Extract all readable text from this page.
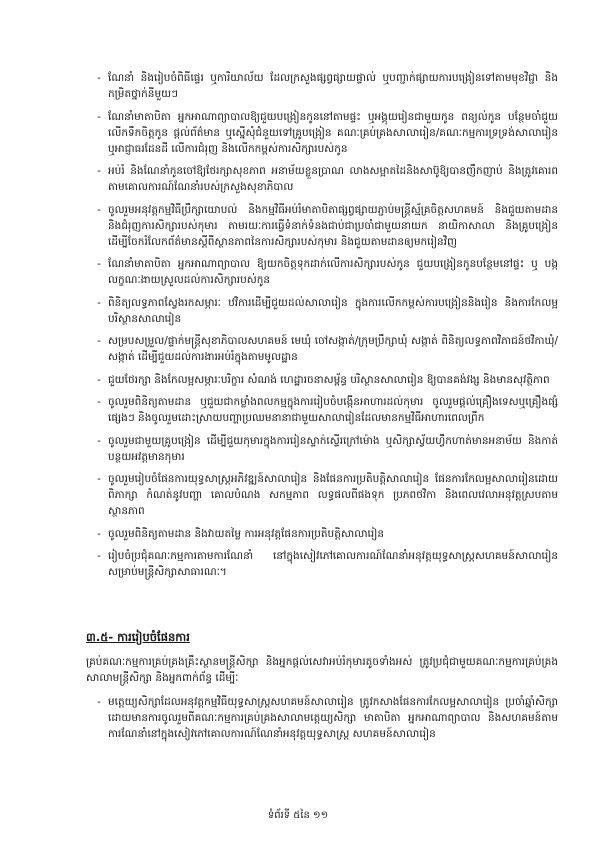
- ណែនាំ និងរៀបចំពិធីផ្ទេរ ឬការិយាល័យ ដែលក្រសួងផ្សព្វផ្សាយផ្ទាល់ ឬបញ្ជាក់ផ្សាយការបង្រៀនទៅតាមមុខវិជ្ជា និងកម្រិតថ្នាក់នីមួយៗ
- ណែនាំមាតាបិតា អ្នកអាណាព្យាបាលឱ្យជួយបង្រៀនកូននៅតាមផ្ទះ ឬអង្គុយរៀនជាមួយកូន ពន្យល់កូន បន្ថែមចាំជួយលើកទឹកចិត្តកូន ផ្ដល់ព័ត៌មាន ឬស្នើសុំជំនួយទៅគ្រូបង្រៀន គណៈគ្រប់គ្រងសាលារៀន/គណៈកម្មការទ្រទ្រង់សាលារៀន ឬអាជ្ញាធរដែនដី លើការជំរុញ និងលើកកម្ពស់ការសិក្សារបស់កូន
- អប់រំ និងណែនាំកូនចៅឱ្យថែរក្សាសុខភាព អនាម័យខ្លួនប្រាណ លាងសម្អាតដៃនិងសាប៊ូឱ្យបានញឹកញាប់ និងត្រូវគោរពតាមគោលការណ៍ណែនាំរបស់ក្រសួងសុខាភិបាល
- ចូលរួមអនុវត្តកម្មវិធីប្រឹក្សាយោបល់ និងកម្មវិធីអប់រំមាតាបិតាផ្សព្វផ្សាយភ្ជាប់មន្ត្រីស្ម័គ្រចិត្តសហគមន៍ និងជួយតាមដាន និងជំរុញការសិក្សារបស់កុមារ តាមរយៈការធ្វើទំនាក់ទំនងជាប់ជាប្រចាំជាមួយនាយក នាយិកាសាលា និងគ្រូបង្រៀន ដើម្បីចែករំលែកព័ត៌មានស្ដីពីស្ថានភាពនៃការសិក្សារបស់កុមារ និងជួយតាមដានឲ្យមករៀនវិញ
- ណែនាំមាតាបិតា អ្នកអាណាព្យាបាល ឱ្យយកចិត្តទុកដាក់លើការសិក្សារបស់កូន ជួយបង្រៀនកូនបន្ថែមនៅផ្ទះ ឬ បង្កលក្ខណៈងាយស្រួលដល់ការសិក្សារបស់កូន
- ពិនិត្យលទ្ធភាពស្វែងរកសម្ភារៈ ឋវិការដើម្បីជួយដល់សាលារៀន ក្នុងការលើកកម្ពស់ការបង្រៀននិងរៀន និងការកែលម្អបរិស្ថានសាលារៀន
- សម្របសម្រួល/ផ្ទាក់មន្ត្រីសុខាភិបាលសហគមន៍ មេឃុំ ចៅសង្កាត់/ក្រុមប្រឹក្សាឃុំ សង្កាត់ ពិនិត្យលទ្ធភាពវិភាជន៍ថវិកាឃុំ/សង្កាត់ ដើម្បីជួយដល់ការងារអប់រំក្នុងតាមមូលដ្ឋាន
- ជួយថែរក្សា និងកែលម្អសម្ភារៈបរិក្ខារ សំណង់ ហេដ្ឋារចនាសម្ព័ន្ធ បរិស្ថានសាលារៀន ឱ្យបានគង់វង្ស និងមានសុវត្ថិភាព
- ចូលរួមពិនិត្យតាមដាន ឬជួយជាកម្លាំងពលកម្មក្នុងការរៀបចំបង្កើនអាហារដល់កុមារ ចូលរួមផ្ដល់គ្រឿងទេសឬគ្រឿងផ្សំផ្សេងៗ និងចូលរួមដោះស្រាយបញ្ហាប្រឈមនានាជាមួយសាលារៀនដែលមានកម្មវិធីអាហារពេលព្រឹក
- ចូលរួមជាមួយគ្រូបង្រៀន ដើម្បីជួយកុមារក្នុងការរៀនស្ទាក់ស្ទើរក្រៅម៉ោង ឬសិក្សាស្វ័យហ្វឹកហាត់មានអនាម័យ និងកាត់បន្ថយអវត្តមានកុមារ
- ចូលរួមរៀបចំផែនការយុទ្ធសាស្ត្រអភិវឌ្ឍន៍សាលារៀន និងផែនការប្រតិបត្តិសាលារៀន ផែនការកែលម្អសាលារៀនដោយពិភាក្សា កំណត់នូវបញ្ហា គោលបំណង សកម្មភាព លទ្ធផលពីផងទុក ប្រភពថវិកា និងពេលវេលាអនុវត្តស្របតាមស្ថានភាព
- ចូលរួមពិនិត្យតាមដាន និងវាយតម្លៃ ការអនុវត្តផែនការប្រតិបត្តិសាលារៀន
- រៀបចំប្រជុំគណៈកម្មការតាមការណែនាំ នៅក្នុងសៀវភៅគោលការណ៍ណែនាំអនុវត្តយុទ្ធសាស្ត្រសហគមន៍សាលារៀនសម្រាប់មន្ត្រីសិក្សាសាធារណៈ។
៣.៥- ការរៀបចំផែនការ
គ្រប់គណៈកម្មការគ្រប់គ្រងគ្រឹះស្ថានមន្ត្រីសិក្សា និងអ្នកផ្ដល់សេវាអប់រំកុមារតូចទាំងអស់ ត្រូវប្រជុំជាមួយគណៈកម្មការគ្រប់គ្រងសាលាមន្ត្រីសិក្សា និងអ្នកពាក់ព័ន្ធ ដើម្បីៈ
- មត្តេយ្យសិក្សាដែលអនុវត្តកម្មវិធីយុទ្ធសាស្ត្រសហគមន៍សាលារៀន ត្រូវកសាងផែនការកែលម្អសាលារៀន ប្រចាំឆ្នាំសិក្សាដោយមានការចូលរួមពីគណៈកម្មការគ្រប់គ្រងសាលាមត្តេយ្យសិក្សា មាតាបិតា អ្នកអាណាព្យាបាល និងសហគមន៍តាមការណែនាំនៅក្នុងសៀវភៅគោលការណ៍ណែនាំអនុវត្តយុទ្ធសាស្ត្រ សហគមន៍សាលារៀន
ទំព័រទី ៥នៃ ១១
